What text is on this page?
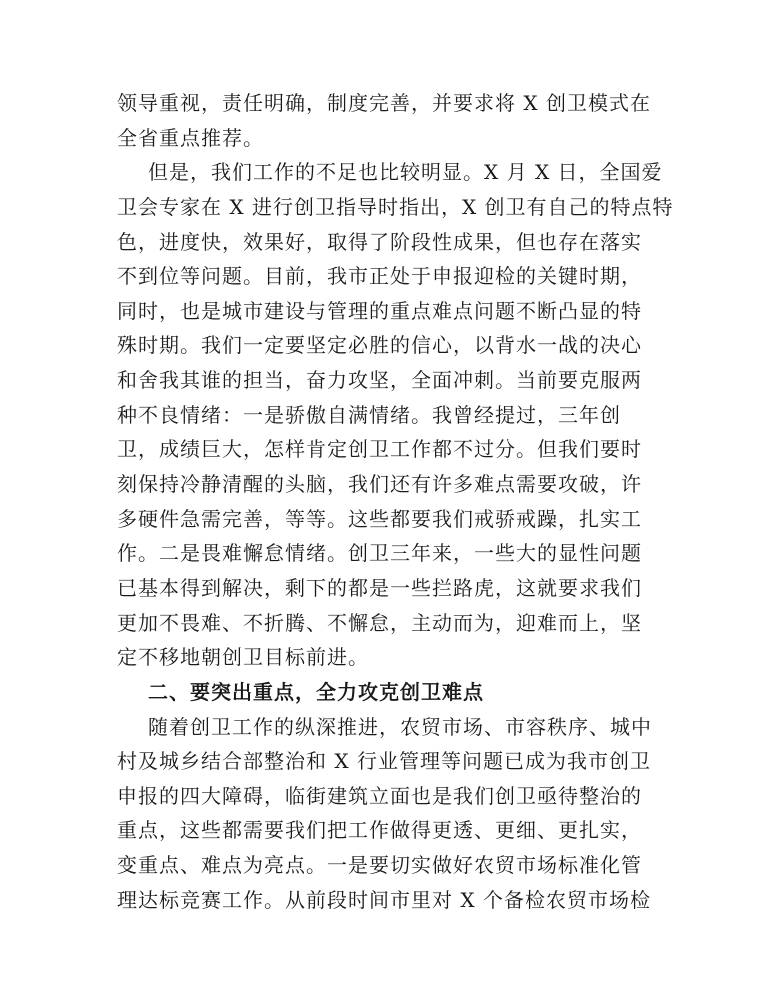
领导重视，责任明确，制度完善，并要求将 X 创卫模式在
全省重点推荐。
但是，我们工作的不足也比较明显。X 月 X 日，全国爱
卫会专家在 X 进行创卫指导时指出，X 创卫有自己的特点特
色，进度快，效果好，取得了阶段性成果，但也存在落实
不到位等问题。目前，我市正处于申报迎检的关键时期，
同时，也是城市建设与管理的重点难点问题不断凸显的特
殊时期。我们一定要坚定必胜的信心，以背水一战的决心
和舍我其谁的担当，奋力攻坚，全面冲刺。当前要克服两
种不良情绪：一是骄傲自满情绪。我曾经提过，三年创
卫，成绩巨大，怎样肯定创卫工作都不过分。但我们要时
刻保持冷静清醒的头脑，我们还有许多难点需要攻破，许
多硬件急需完善，等等。这些都要我们戒骄戒躁，扎实工
作。二是畏难懈怠情绪。创卫三年来，一些大的显性问题
已基本得到解决，剩下的都是一些拦路虎，这就要求我们
更加不畏难、不折腾、不懈怠，主动而为，迎难而上，坚
定不移地朝创卫目标前进。
二、要突出重点，全力攻克创卫难点
随着创卫工作的纵深推进，农贸市场、市容秩序、城中
村及城乡结合部整治和 X 行业管理等问题已成为我市创卫
申报的四大障碍，临街建筑立面也是我们创卫亟待整治的
重点，这些都需要我们把工作做得更透、更细、更扎实，
变重点、难点为亮点。一是要切实做好农贸市场标准化管
理达标竞赛工作。从前段时间市里对 X 个备检农贸市场检
